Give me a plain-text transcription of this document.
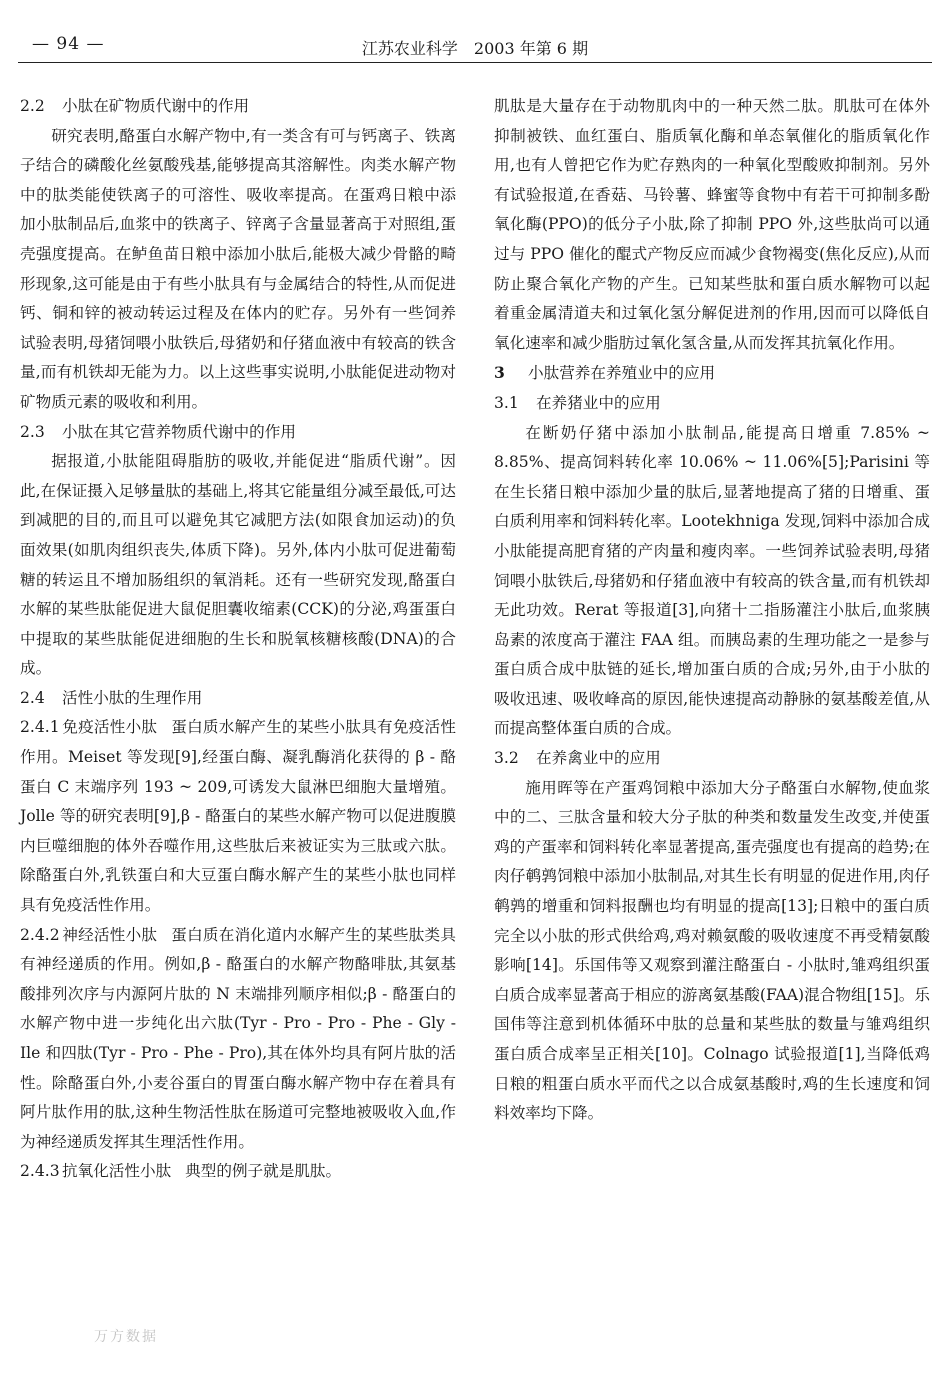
— 94 —	江苏农业科学　2003 年第 6 期

2.2 小肽在矿物质代谢中的作用

研究表明,酪蛋白水解产物中,有一类含有可与钙离子、铁离子结合的磷酸化丝氨酸残基,能够提高其溶解性。肉类水解产物中的肽类能使铁离子的可溶性、吸收率提高。在蛋鸡日粮中添加小肽制品后,血浆中的铁离子、锌离子含量显著高于对照组,蛋壳强度提高。在鲈鱼苗日粮中添加小肽后,能极大减少骨骼的畸形现象,这可能是由于有些小肽具有与金属结合的特性,从而促进钙、铜和锌的被动转运过程及在体内的贮存。另外有一些饲养试验表明,母猪饲喂小肽铁后,母猪奶和仔猪血液中有较高的铁含量,而有机铁却无能为力。以上这些事实说明,小肽能促进动物对矿物质元素的吸收和利用。

2.3 小肽在其它营养物质代谢中的作用

据报道,小肽能阻碍脂肪的吸收,并能促进“脂质代谢”。因此,在保证摄入足够量肽的基础上,将其它能量组分减至最低,可达到减肥的目的,而且可以避免其它减肥方法(如限食加运动)的负面效果(如肌肉组织丧失,体质下降)。另外,体内小肽可促进葡萄糖的转运且不增加肠组织的氧消耗。还有一些研究发现,酪蛋白水解的某些肽能促进大鼠促胆囊收缩素(CCK)的分泌,鸡蛋蛋白中提取的某些肽能促进细胞的生长和脱氧核糖核酸(DNA)的合成。

2.4 活性小肽的生理作用

2.4.1 免疫活性小肽 蛋白质水解产生的某些小肽具有免疫活性作用。Meiset 等发现[9],经蛋白酶、凝乳酶消化获得的 β - 酪蛋白 C 末端序列 193 ~ 209,可诱发大鼠淋巴细胞大量增殖。Jolle 等的研究表明[9],β - 酪蛋白的某些水解产物可以促进腹膜内巨噬细胞的体外吞噬作用,这些肽后来被证实为三肽或六肽。除酪蛋白外,乳铁蛋白和大豆蛋白酶水解产生的某些小肽也同样具有免疫活性作用。

2.4.2 神经活性小肽 蛋白质在消化道内水解产生的某些肽类具有神经递质的作用。例如,β - 酪蛋白的水解产物酪啡肽,其氨基酸排列次序与内源阿片肽的 N 末端排列顺序相似;β - 酪蛋白的水解产物中进一步纯化出六肽(Tyr - Pro - Pro - Phe - Gly - Ile 和四肽(Tyr - Pro - Phe - Pro),其在体外均具有阿片肽的活性。除酪蛋白外,小麦谷蛋白的胃蛋白酶水解产物中存在着具有阿片肽作用的肽,这种生物活性肽在肠道可完整地被吸收入血,作为神经递质发挥其生理活性作用。

2.4.3 抗氧化活性小肽 典型的例子就是肌肽。

肌肽是大量存在于动物肌肉中的一种天然二肽。肌肽可在体外抑制被铁、血红蛋白、脂质氧化酶和单态氧催化的脂质氧化作用,也有人曾把它作为贮存熟肉的一种氧化型酸败抑制剂。另外有试验报道,在香菇、马铃薯、蜂蜜等食物中有若干可抑制多酚氧化酶(PPO)的低分子小肽,除了抑制 PPO 外,这些肽尚可以通过与 PPO 催化的醌式产物反应而减少食物褐变(焦化反应),从而防止聚合氧化产物的产生。已知某些肽和蛋白质水解物可以起着重金属清道夫和过氧化氢分解促进剂的作用,因而可以降低自氧化速率和减少脂肪过氧化氢含量,从而发挥其抗氧化作用。

3 小肽营养在养殖业中的应用

3.1 在养猪业中的应用

在断奶仔猪中添加小肽制品,能提高日增重 7.85% ~ 8.85%、提高饲料转化率 10.06% ~ 11.06%[5];Parisini 等在生长猪日粮中添加少量的肽后,显著地提高了猪的日增重、蛋白质利用率和饲料转化率。Lootekhniga 发现,饲料中添加合成小肽能提高肥育猪的产肉量和瘦肉率。一些饲养试验表明,母猪饲喂小肽铁后,母猪奶和仔猪血液中有较高的铁含量,而有机铁却无此功效。Rerat 等报道[3],向猪十二指肠灌注小肽后,血浆胰岛素的浓度高于灌注 FAA 组。而胰岛素的生理功能之一是参与蛋白质合成中肽链的延长,增加蛋白质的合成;另外,由于小肽的吸收迅速、吸收峰高的原因,能快速提高动静脉的氨基酸差值,从而提高整体蛋白质的合成。

3.2 在养禽业中的应用

施用晖等在产蛋鸡饲粮中添加大分子酪蛋白水解物,使血浆中的二、三肽含量和较大分子肽的种类和数量发生改变,并使蛋鸡的产蛋率和饲料转化率显著提高,蛋壳强度也有提高的趋势;在肉仔鹌鹑饲粮中添加小肽制品,对其生长有明显的促进作用,肉仔鹌鹑的增重和饲料报酬也均有明显的提高[13];日粮中的蛋白质完全以小肽的形式供给鸡,鸡对赖氨酸的吸收速度不再受精氨酸影响[14]。乐国伟等又观察到灌注酪蛋白 - 小肽时,雏鸡组织蛋白质合成率显著高于相应的游离氨基酸(FAA)混合物组[15]。乐国伟等注意到机体循环中肽的总量和某些肽的数量与雏鸡组织蛋白质合成率呈正相关[10]。Colnago 试验报道[1],当降低鸡日粮的粗蛋白质水平而代之以合成氨基酸时,鸡的生长速度和饲料效率均下降。

万方数据
